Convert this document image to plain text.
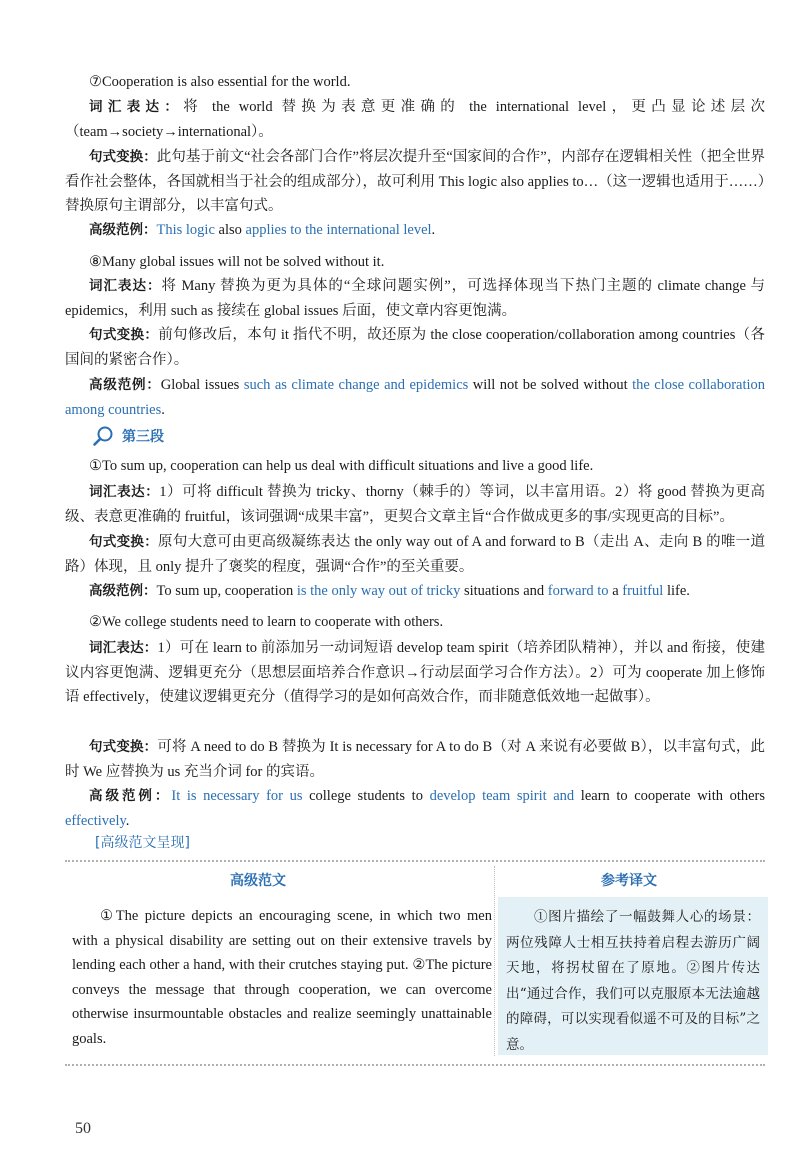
⑦Cooperation is also essential for the world.
词汇表达：将 the world 替换为表意更准确的 the international level，更凸显论述层次（team→society→international）。
句式变换：此句基于前文“社会各部门合作”将层次提升至“国家间的合作”，内部存在逻辑相关性（把全世界看作社会整体，各国就相当于社会的组成部分），故可利用 This logic also applies to…（这一逻辑也适用于……）替换原句主谓部分，以丰富句式。
高级范例：This logic also applies to the international level.
⑧Many global issues will not be solved without it.
词汇表达：将 Many 替换为更为具体的“全球问题实例”，可选择体现当下热门主题的 climate change 与 epidemics，利用 such as 接续在 global issues 后面，使文章内容更饱满。
句式变换：前句修改后，本句 it 指代不明，故还原为 the close cooperation/collaboration among countries（各国间的紧密合作）。
高级范例：Global issues such as climate change and epidemics will not be solved without the close collaboration among countries.
第三段
①To sum up, cooperation can help us deal with difficult situations and live a good life.
词汇表达：1）可将 difficult 替换为 tricky、thorny（棘手的）等词，以丰富用语。2）将 good 替换为更高级、表意更准确的 fruitful，该词强调“成果丰富”，更契合文章主旨“合作做成更多的事/实现更高的目标”。
句式变换：原句大意可由更高级凝练表达 the only way out of A and forward to B（走出 A、走向 B 的唯一道路）体现，且 only 提升了褒奖的程度，强调“合作”的至关重要。
高级范例：To sum up, cooperation is the only way out of tricky situations and forward to a fruitful life.
②We college students need to learn to cooperate with others.
词汇表达：1）可在 learn to 前添加另一动词短语 develop team spirit（培养团队精神），并以 and 衔接，使建议内容更饱满、逻辑更充分（思想层面培养合作意识→行动层面学习合作方法）。2）可为 cooperate 加上修饰语 effectively，使建议逻辑更充分（值得学习的是如何高效合作，而非随意低效地一起做事）。
句式变换：可将 A need to do B 替换为 It is necessary for A to do B（对 A 来说有必要做 B），以丰富句式，此时 We 应替换为 us 充当介词 for 的宾语。
高级范例：It is necessary for us college students to develop team spirit and learn to cooperate with others effectively.
[高级范文呈现]
高级范文	参考译文
①The picture depicts an encouraging scene, in which two men with a physical disability are setting out on their extensive travels by lending each other a hand, with their crutches staying put. ②The picture conveys the message that through cooperation, we can overcome otherwise insurmountable obstacles and realize seemingly unattainable goals.
①图片描绘了一幅鼓舞人心的场景：两位残障人士相互扶持着启程去游历广阔天地，将拐杖留在了原地。②图片传达出“通过合作，我们可以克服原本无法逾越的障碍，可以实现看似遥不可及的目标”之意。
50
